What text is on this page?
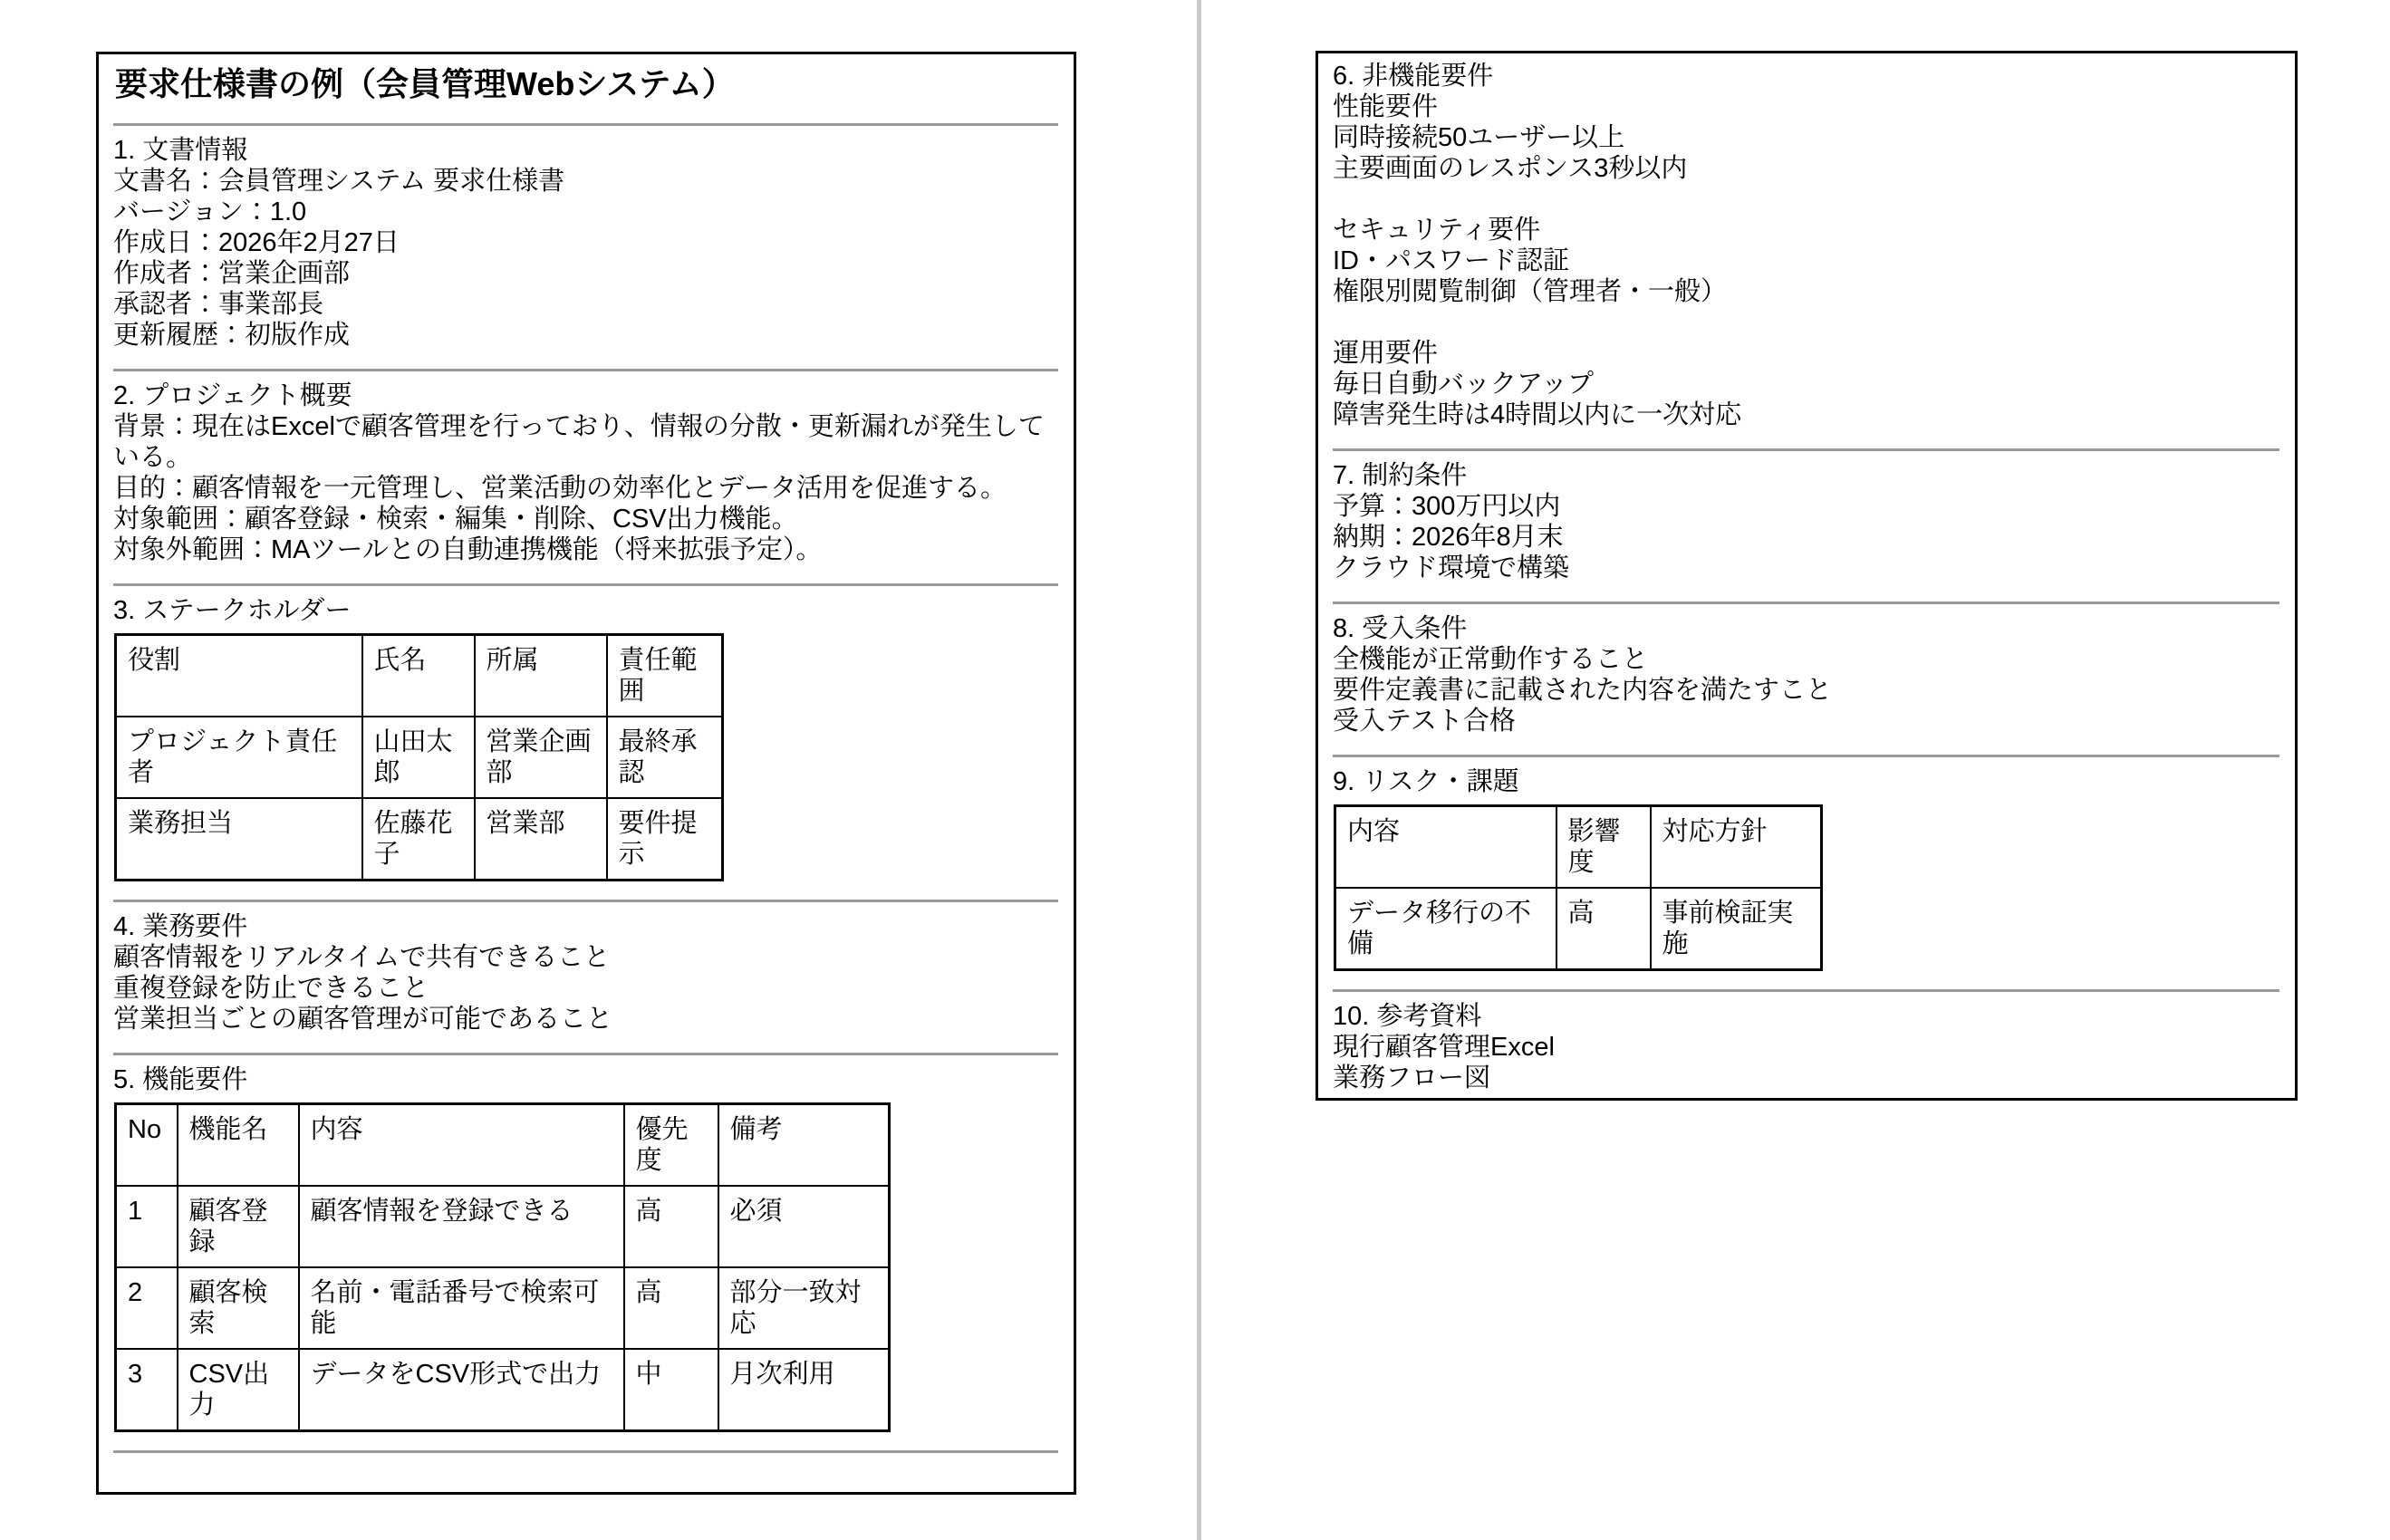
要求仕様書の例（会員管理Webシステム）

1. 文書情報

文書名：会員管理システム 要求仕様書

バージョン：1.0

作成日：2026年2月27日

作成者：営業企画部

承認者：事業部長

更新履歴：初版作成

2. プロジェクト概要

背景：現在はExcelで顧客管理を行っており、情報の分散・更新漏れが発生している。

目的：顧客情報を一元管理し、営業活動の効率化とデータ活用を促進する。

対象範囲：顧客登録・検索・編集・削除、CSV出力機能。

対象外範囲：MAツールとの自動連携機能（将来拡張予定）。

3. ステークホルダー

役割	氏名	所属	責任範囲
プロジェクト責任者	山田太郎	営業企画部	最終承認
業務担当	佐藤花子	営業部	要件提示

4. 業務要件

顧客情報をリアルタイムで共有できること

重複登録を防止できること

営業担当ごとの顧客管理が可能であること

5. 機能要件

No	機能名	内容	優先度	備考
1	顧客登録	顧客情報を登録できる	高	必須
2	顧客検索	名前・電話番号で検索可能	高	部分一致対応
3	CSV出力	データをCSV形式で出力	中	月次利用

6. 非機能要件

性能要件

同時接続50ユーザー以上

主要画面のレスポンス3秒以内

セキュリティ要件

ID・パスワード認証

権限別閲覧制御（管理者・一般）

運用要件

毎日自動バックアップ

障害発生時は4時間以内に一次対応

7. 制約条件

予算：300万円以内

納期：2026年8月末

クラウド環境で構築

8. 受入条件

全機能が正常動作すること

要件定義書に記載された内容を満たすこと

受入テスト合格

9. リスク・課題

内容	影響度	対応方針
データ移行の不備	高	事前検証実施

10. 参考資料

現行顧客管理Excel

業務フロー図
